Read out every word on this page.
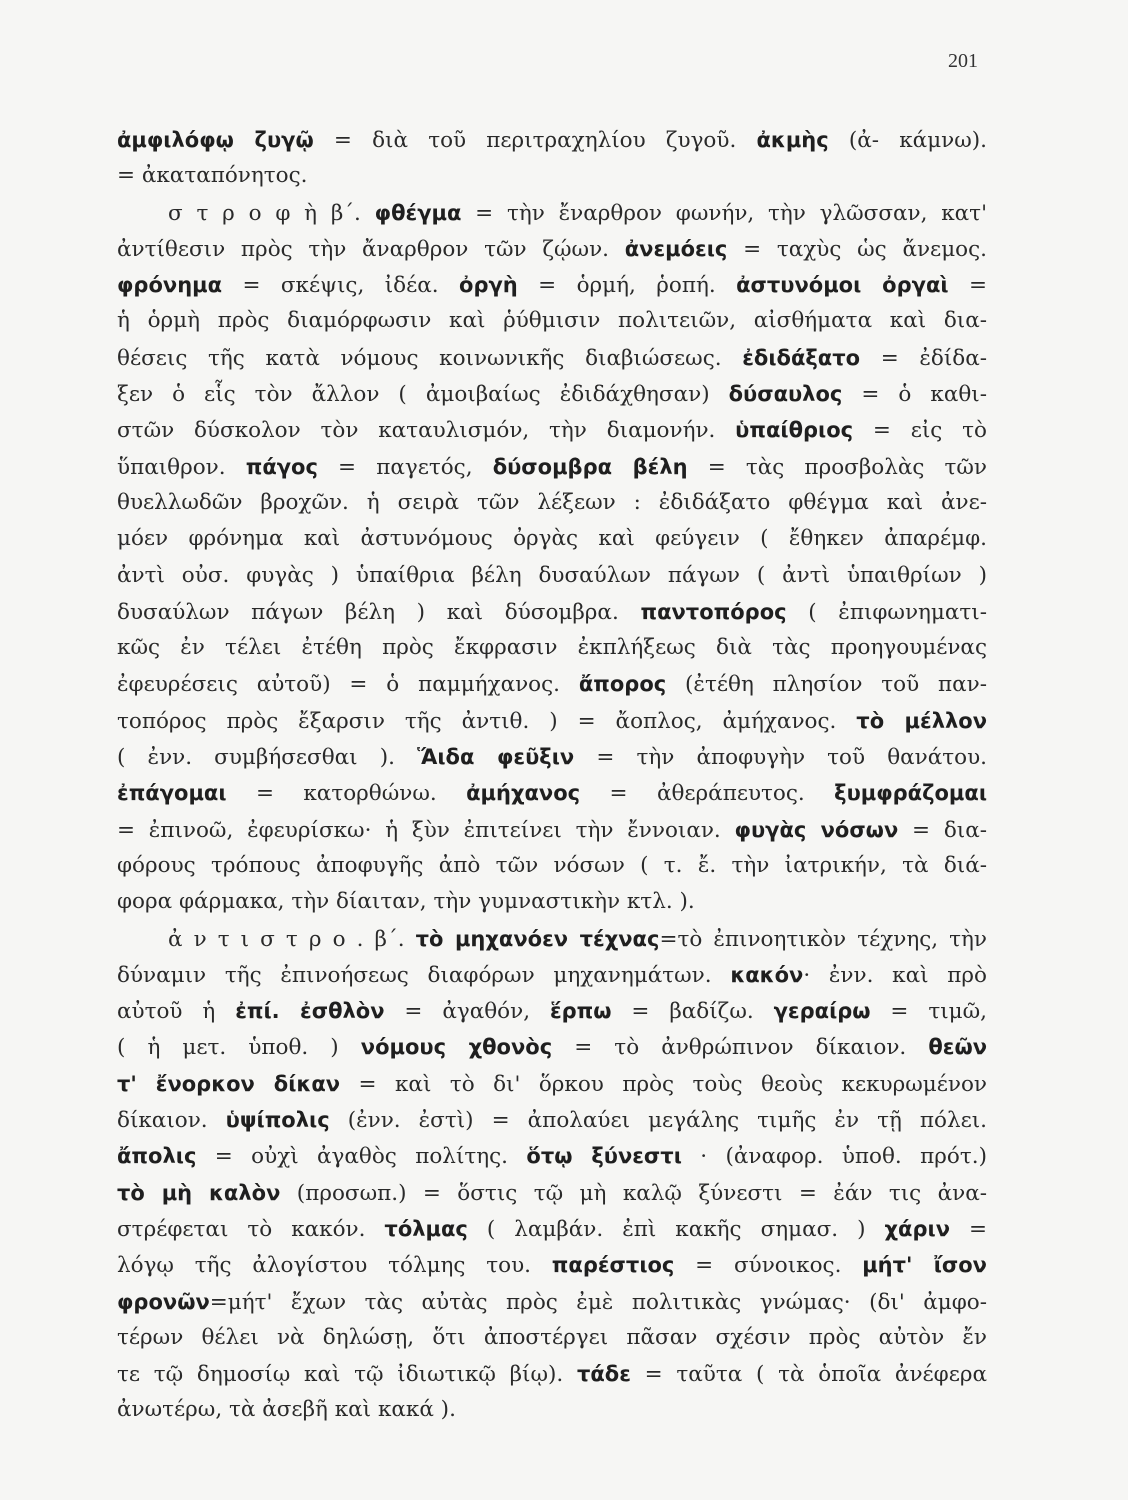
201
ἀμφιλόφῳ ζυγῷ = διὰ τοῦ περιτραχηλίου ζυγοῦ. ἀκμὴς (ἀ- κάμνω).
= ἀκαταπόνητος.
σ τ ρ ο φ ὴ β΄. φθέγμα = τὴν ἔναρθρον φωνήν, τὴν γλῶσσαν, κατ'
ἀντίθεσιν πρὸς τὴν ἄναρθρον τῶν ζῴων. ἀνεμόεις = ταχὺς ὡς ἄνεμος.
φρόνημα = σκέψις, ἰδέα. ὀργὴ = ὁρμή, ῥοπή. ἀστυνόμοι ὀργαὶ =
ἡ ὁρμὴ πρὸς διαμόρφωσιν καὶ ῥύθμισιν πολιτειῶν, αἰσθήματα καὶ δια-
θέσεις τῆς κατὰ νόμους κοινωνικῆς διαβιώσεως. ἐδιδάξατο = ἐδίδα-
ξεν ὁ εἷς τὸν ἄλλον ( ἀμοιβαίως ἐδιδάχθησαν) δύσαυλος = ὁ καθι-
στῶν δύσκολον τὸν καταυλισμόν, τὴν διαμονήν. ὑπαίθριος = εἰς τὸ
ὕπαιθρον. πάγος = παγετός, δύσομβρα βέλη = τὰς προσβολὰς τῶν
θυελλωδῶν βροχῶν. ἡ σειρὰ τῶν λέξεων : ἐδιδάξατο φθέγμα καὶ ἀνε-
μόεν φρόνημα καὶ ἀστυνόμους ὀργὰς καὶ φεύγειν ( ἔθηκεν ἀπαρέμφ.
ἀντὶ οὐσ. φυγὰς ) ὑπαίθρια βέλη δυσαύλων πάγων ( ἀντὶ ὑπαιθρίων )
δυσαύλων πάγων βέλη ) καὶ δύσομβρα. παντοπόρος ( ἐπιφωνηματι-
κῶς ἐν τέλει ἐτέθη πρὸς ἔκφρασιν ἐκπλήξεως διὰ τὰς προηγουμένας
ἐφευρέσεις αὐτοῦ) = ὁ παμμήχανος. ἄπορος (ἐτέθη πλησίον τοῦ παν-
τοπόρος πρὸς ἔξαρσιν τῆς ἀντιθ. ) = ἄοπλος, ἀμήχανος. τὸ μέλλον
( ἐνν. συμβήσεσθαι ). Ἅιδα φεῦξιν = τὴν ἀποφυγὴν τοῦ θανάτου.
ἐπάγομαι = κατορθώνω. ἀμήχανος = ἀθεράπευτος. ξυμφράζομαι
= ἐπινοῶ, ἐφευρίσκω· ἡ ξὺν ἐπιτείνει τὴν ἔννοιαν. φυγὰς νόσων = δια-
φόρους τρόπους ἀποφυγῆς ἀπὸ τῶν νόσων ( τ. ἔ. τὴν ἰατρικήν, τὰ διά-
φορα φάρμακα, τὴν δίαιταν, τὴν γυμναστικὴν κτλ. ).
ἀ ν τ ι σ τ ρ ο . β΄. τὸ μηχανόεν τέχνας=τὸ ἐπινοητικὸν τέχνης, τὴν
δύναμιν τῆς ἐπινοήσεως διαφόρων μηχανημάτων. κακόν· ἐνν. καὶ πρὸ
αὐτοῦ ἡ ἐπί. ἐσθλὸν = ἀγαθόν, ἕρπω = βαδίζω. γεραίρω = τιμῶ,
( ἡ μετ. ὑποθ. ) νόμους χθονὸς = τὸ ἀνθρώπινον δίκαιον. θεῶν
τ' ἔνορκον δίκαν = καὶ τὸ δι' ὅρκου πρὸς τοὺς θεοὺς κεκυρωμένον
δίκαιον. ὑψίπολις (ἐνν. ἐστὶ) = ἀπολαύει μεγάλης τιμῆς ἐν τῇ πόλει.
ἄπολις = οὐχὶ ἀγαθὸς πολίτης. ὅτῳ ξύνεστι · (ἀναφορ. ὑποθ. πρότ.)
τὸ μὴ καλὸν (προσωπ.) = ὅστις τῷ μὴ καλῷ ξύνεστι = ἐάν τις ἀνα-
στρέφεται τὸ κακόν. τόλμας ( λαμβάν. ἐπὶ κακῆς σημασ. ) χάριν =
λόγῳ τῆς ἀλογίστου τόλμης του. παρέστιος = σύνοικος. μήτ' ἴσον
φρονῶν=μήτ' ἔχων τὰς αὐτὰς πρὸς ἐμὲ πολιτικὰς γνώμας· (δι' ἀμφο-
τέρων θέλει νὰ δηλώσῃ, ὅτι ἀποστέργει πᾶσαν σχέσιν πρὸς αὐτὸν ἔν
τε τῷ δημοσίῳ καὶ τῷ ἰδιωτικῷ βίῳ). τάδε = ταῦτα ( τὰ ὁποῖα ἀνέφερα
ἀνωτέρω, τὰ ἀσεβῆ καὶ κακά ).
